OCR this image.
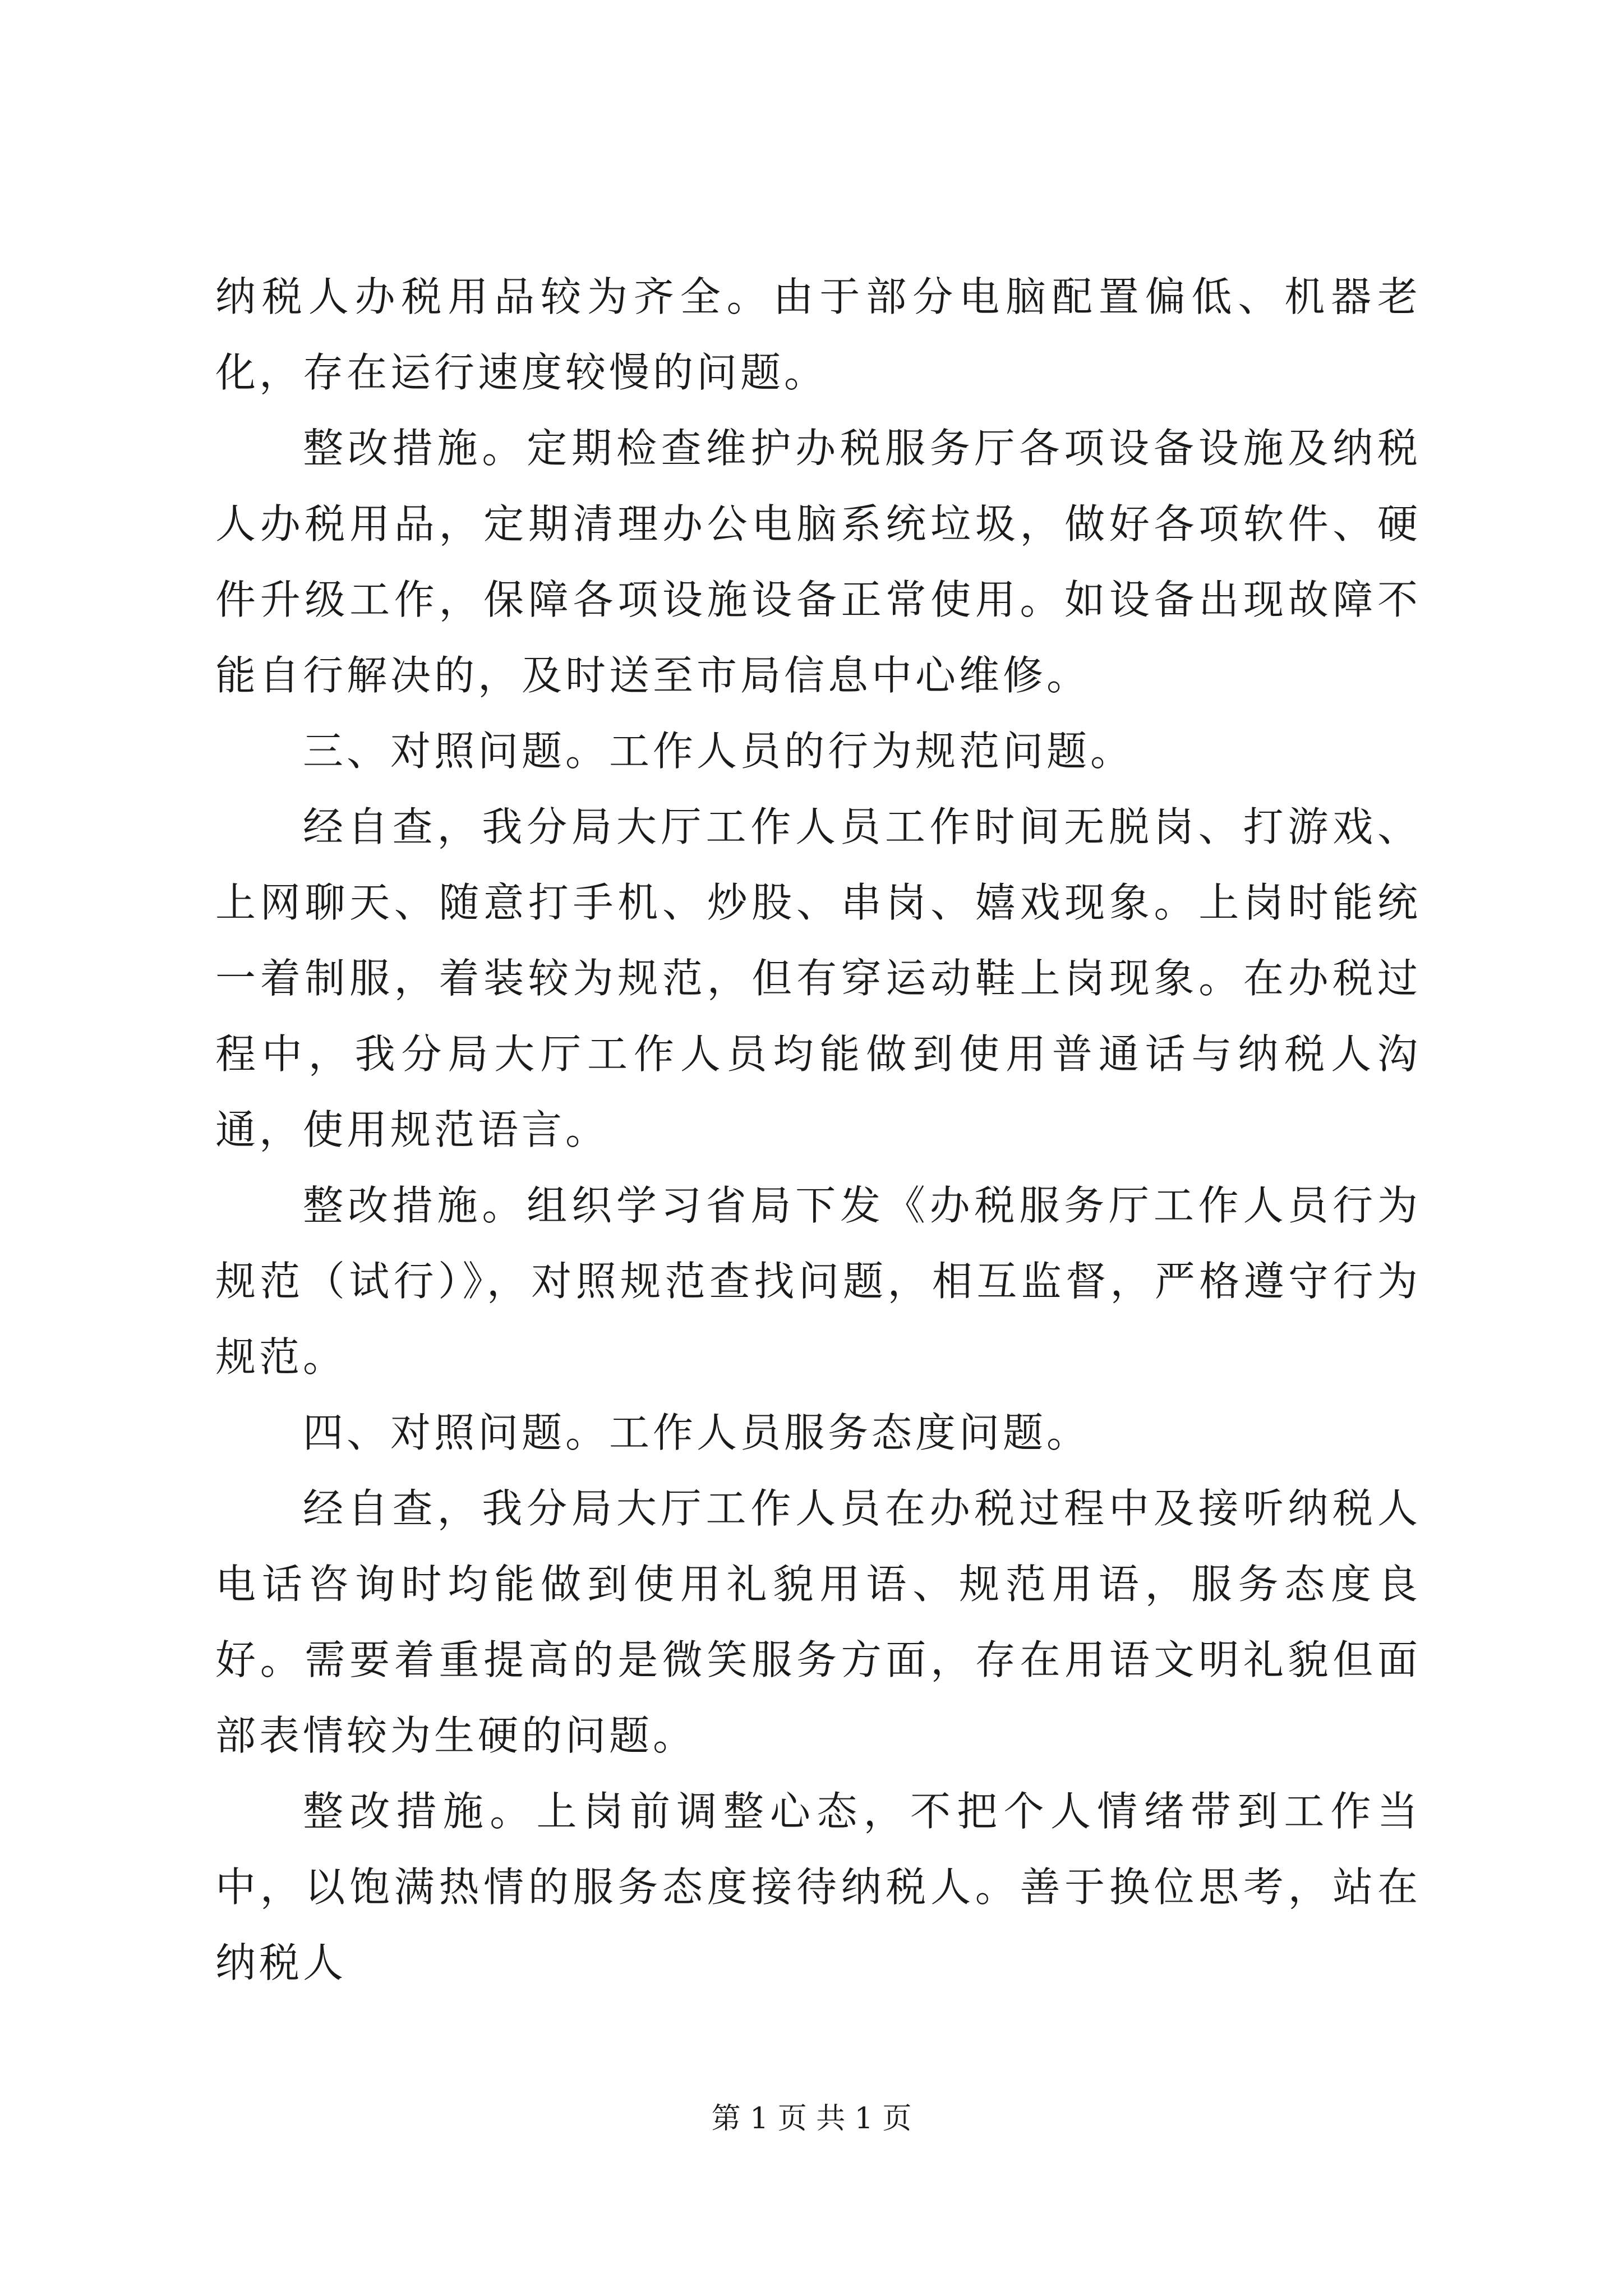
纳税人办税用品较为齐全。由于部分电脑配置偏低、机器老化，存在运行速度较慢的问题。

整改措施。定期检查维护办税服务厅各项设备设施及纳税人办税用品，定期清理办公电脑系统垃圾，做好各项软件、硬件升级工作，保障各项设施设备正常使用。如设备出现故障不能自行解决的，及时送至市局信息中心维修。

三、对照问题。工作人员的行为规范问题。

经自查，我分局大厅工作人员工作时间无脱岗、打游戏、上网聊天、随意打手机、炒股、串岗、嬉戏现象。上岗时能统一着制服，着装较为规范，但有穿运动鞋上岗现象。在办税过程中，我分局大厅工作人员均能做到使用普通话与纳税人沟通，使用规范语言。

整改措施。组织学习省局下发《办税服务厅工作人员行为规范（试行）》，对照规范查找问题，相互监督，严格遵守行为规范。

四、对照问题。工作人员服务态度问题。

经自查，我分局大厅工作人员在办税过程中及接听纳税人电话咨询时均能做到使用礼貌用语、规范用语，服务态度良好。需要着重提高的是微笑服务方面，存在用语文明礼貌但面部表情较为生硬的问题。

整改措施。上岗前调整心态，不把个人情绪带到工作当中，以饱满热情的服务态度接待纳税人。善于换位思考，站在纳税人

第 1 页 共 1 页
